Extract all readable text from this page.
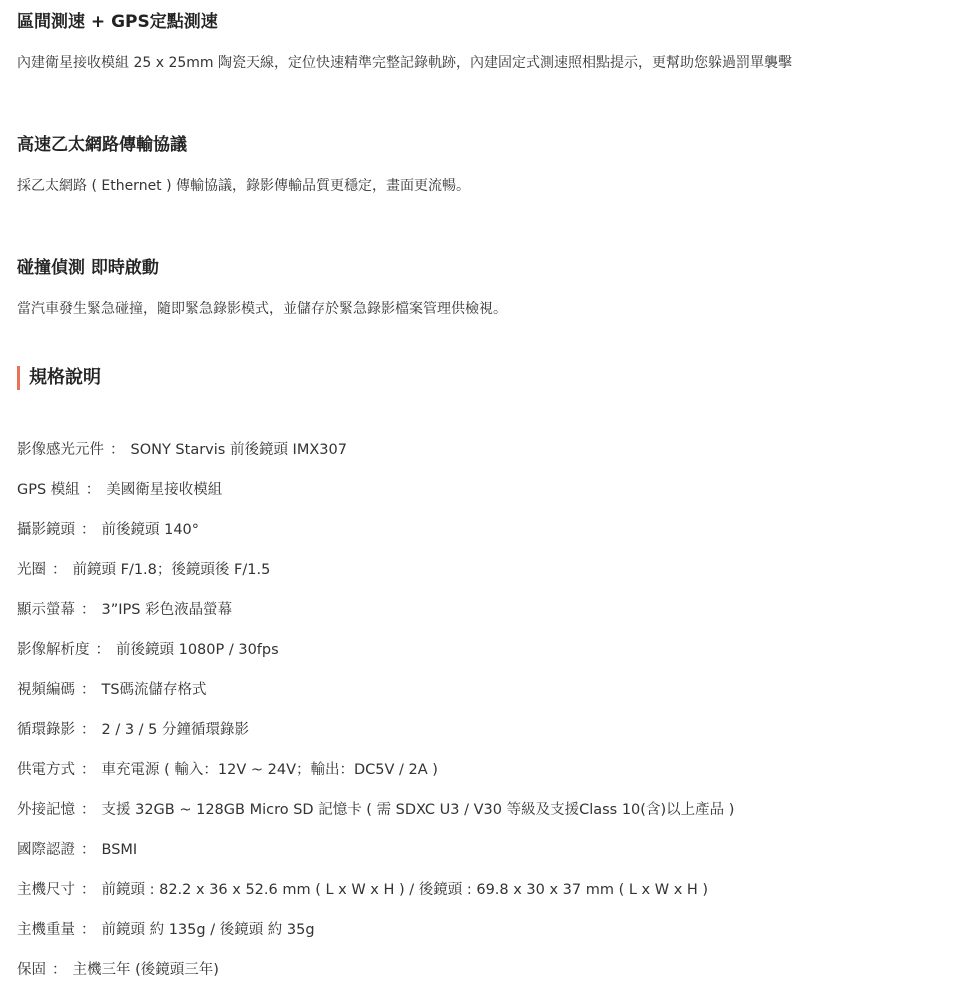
區間測速 + GPS定點測速
內建衛星接收模組 25 x 25mm 陶瓷天線，定位快速精準完整記錄軌跡，內建固定式測速照相點提示，更幫助您躲過罰單襲擊
高速乙太網路傳輸協議
採乙太網路 ( Ethernet ) 傳輸協議，錄影傳輸品質更穩定，畫面更流暢。
碰撞偵測 即時啟動
當汽車發生緊急碰撞，隨即緊急錄影模式，並儲存於緊急錄影檔案管理供檢視。
規格說明
影像感光元件 ： SONY Starvis 前後鏡頭 IMX307
GPS 模組 ： 美國衛星接收模組
攝影鏡頭 ： 前後鏡頭 140°
光圈 ： 前鏡頭 F/1.8；後鏡頭後 F/1.5
顯示螢幕 ： 3”IPS 彩色液晶螢幕
影像解析度 ： 前後鏡頭 1080P / 30fps
視頻編碼 ： TS碼流儲存格式
循環錄影 ： 2 / 3 / 5 分鐘循環錄影
供電方式 ： 車充電源 ( 輸入：12V ~ 24V；輸出：DC5V / 2A )
外接記憶 ： 支援 32GB ~ 128GB Micro SD 記憶卡 ( 需 SDXC U3 / V30 等級及支援Class 10(含)以上產品 )
國際認證 ： BSMI
主機尺寸 ： 前鏡頭 : 82.2 x 36 x 52.6 mm ( L x W x H ) / 後鏡頭 : 69.8 x 30 x 37 mm ( L x W x H )
主機重量 ： 前鏡頭 約 135g / 後鏡頭 約 35g
保固 ： 主機三年 (後鏡頭三年)
